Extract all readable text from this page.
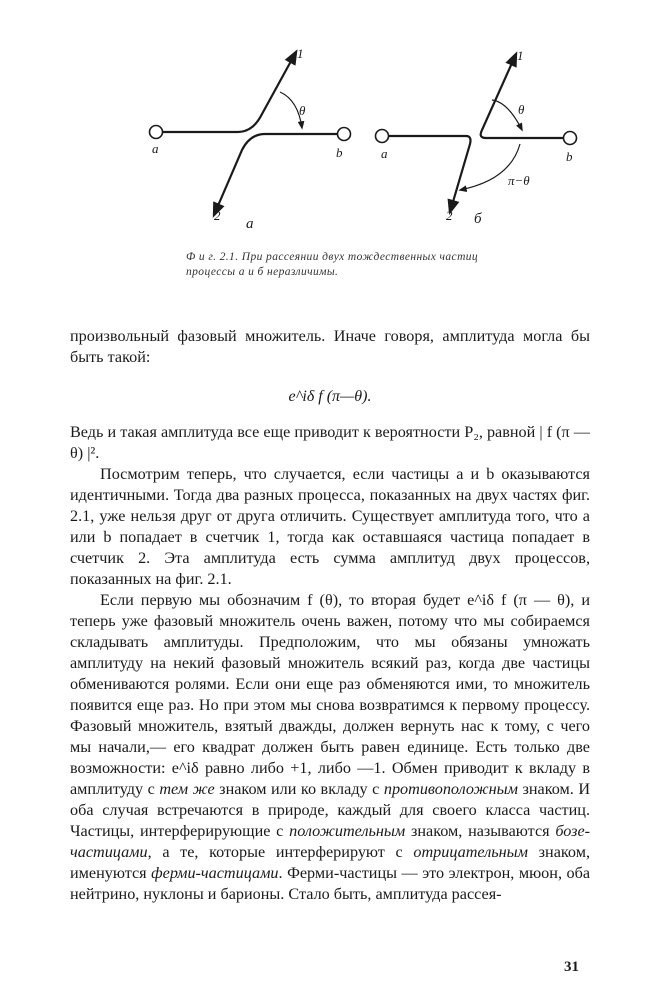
a	b
1
2
θ
a
a	b
1
2
θ
π−θ
б
Ф и г. 2.1. При рассеянии двух тождественных частиц
процессы a и б неразличимы.

произвольный фазовый множитель. Иначе говоря, амплитуда могла бы быть такой:

e^iδ f (π—θ).

Ведь и такая амплитуда все еще приводит к вероятности P₂, равной | f (π — θ) |².

Посмотрим теперь, что случается, если частицы a и b оказываются идентичными. Тогда два разных процесса, показанных на двух частях фиг. 2.1, уже нельзя друг от друга отличить. Существует амплитуда того, что a или b попадает в счетчик 1, тогда как оставшаяся частица попадает в счетчик 2. Эта амплитуда есть сумма амплитуд двух процессов, показанных на фиг. 2.1.

Если первую мы обозначим f (θ), то вторая будет e^iδ f (π — θ), и теперь уже фазовый множитель очень важен, потому что мы собираемся складывать амплитуды. Предположим, что мы обязаны умножать амплитуду на некий фазовый множитель всякий раз, когда две частицы обмениваются ролями. Если они еще раз обменяются ими, то множитель появится еще раз. Но при этом мы снова возвратимся к первому процессу. Фазовый множитель, взятый дважды, должен вернуть нас к тому, с чего мы начали,— его квадрат должен быть равен единице. Есть только две возможности: e^iδ равно либо +1, либо —1. Обмен приводит к вкладу в амплитуду с тем же знаком или ко вкладу с противоположным знаком. И оба случая встречаются в природе, каждый для своего класса частиц. Частицы, интерферирующие с положительным знаком, называются бозе-частицами, а те, которые интерферируют с отрицательным знаком, именуются ферми-частицами. Ферми-частицы — это электрон, мюон, оба нейтрино, нуклоны и барионы. Стало быть, амплитуда рассея-

31
